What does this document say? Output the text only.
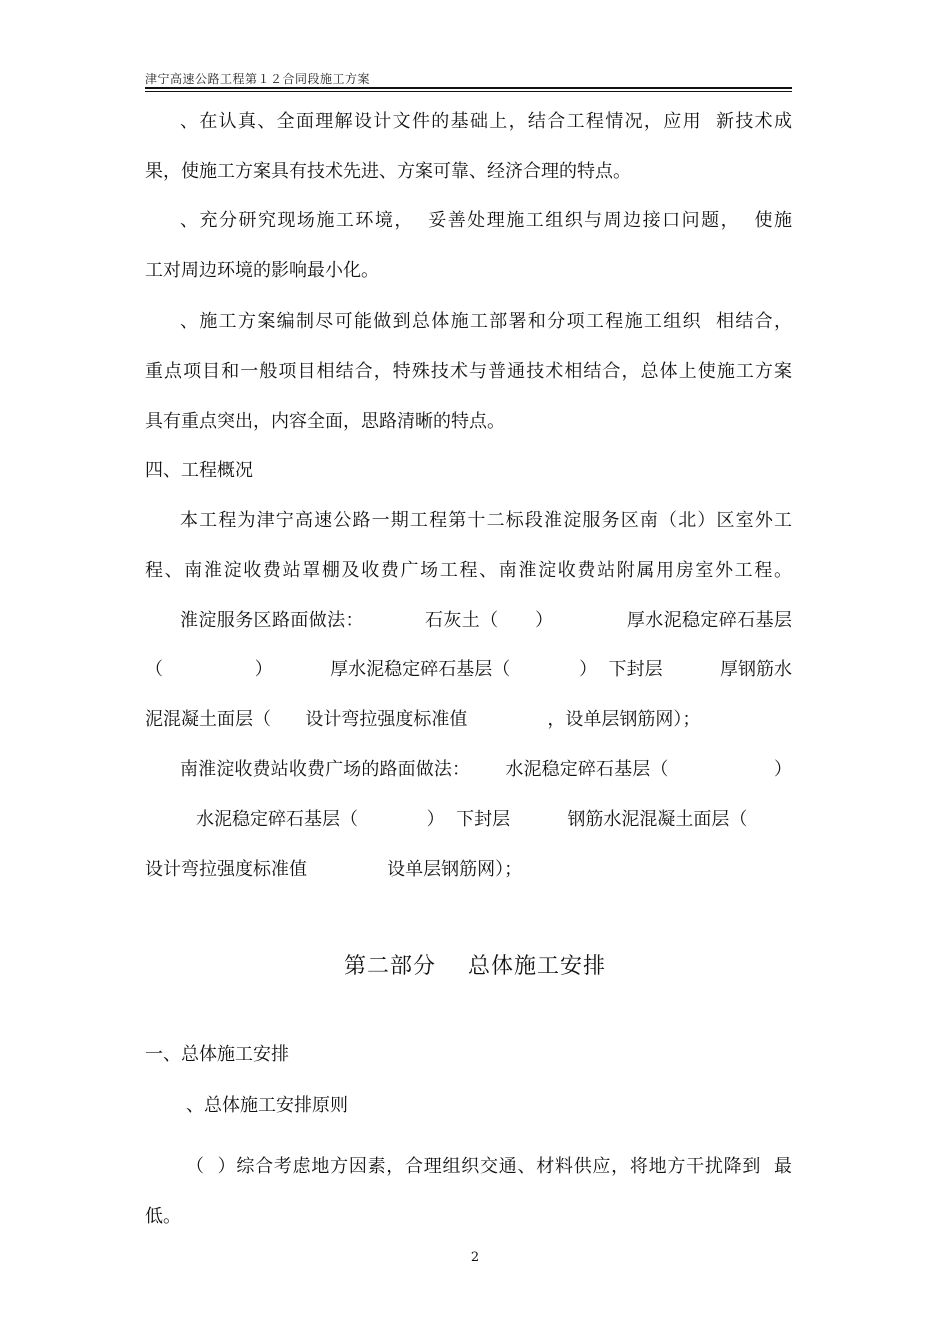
津宁高速公路工程第１２合同段施工方案
、在认真、全面理解设计文件的基础上，结合工程情况，应用  新技术成
果，使施工方案具有技术先进、方案可靠、经济合理的特点。
、充分研究现场施工环境，  妥善处理施工组织与周边接口问题，  使施
工对周边环境的影响最小化。
、施工方案编制尽可能做到总体施工部署和分项工程施工组织  相结合，
重点项目和一般项目相结合，特殊技术与普通技术相结合，总体上使施工方案
具有重点突出，内容全面，思路清晰的特点。
四、工程概况
本工程为津宁高速公路一期工程第十二标段淮淀服务区南（北）区室外工
程、南淮淀收费站罩棚及收费广场工程、南淮淀收费站附属用房室外工程。
淮淀服务区路面做法：          石灰土（      ）            厚水泥稳定碎石基层
（                ）          厚水泥稳定碎石基层（            ）  下封层          厚钢筋水
泥混凝土面层（      设计弯拉强度标准值              ，设单层钢筋网）；
南淮淀收费站收费广场的路面做法：      水泥稳定碎石基层（                  ）
水泥稳定碎石基层（            ）  下封层          钢筋水泥混凝土面层（
设计弯拉强度标准值              设单层钢筋网）；
第二部分    总体施工安排
一、总体施工安排
、总体施工安排原则
（  ）综合考虑地方因素，合理组织交通、材料供应，将地方干扰降到  最
低。
2
